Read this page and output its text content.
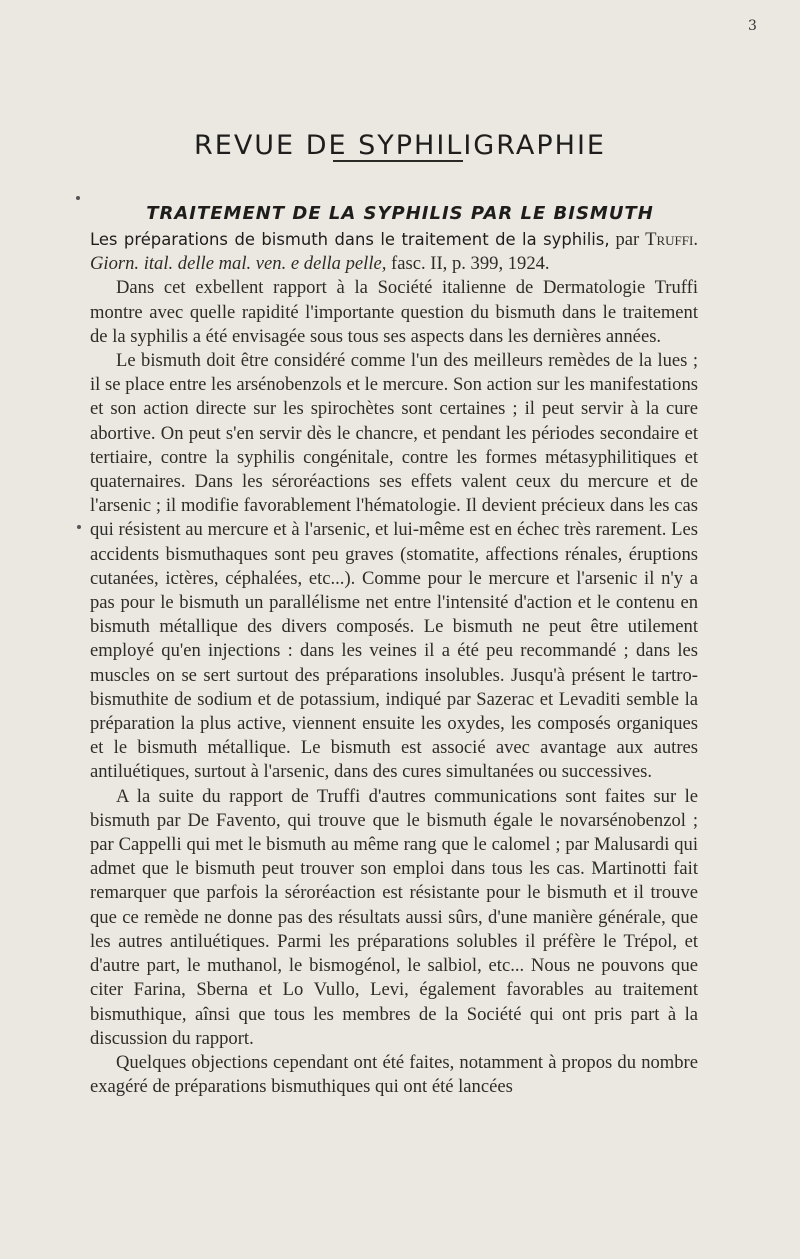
3
REVUE DE SYPHILIGRAPHIE
TRAITEMENT DE LA SYPHILIS PAR LE BISMUTH

Les préparations de bismuth dans le traitement de la syphilis, par Truffi. Giorn. ital. delle mal. ven. e della pelle, fasc. II, p. 399, 1924.

Dans cet exbellent rapport à la Société italienne de Dermatologie Truffi montre avec quelle rapidité l'importante question du bismuth dans le traitement de la syphilis a été envisagée sous tous ses aspects dans les dernières années.

Le bismuth doit être considéré comme l'un des meilleurs remèdes de la lues ; il se place entre les arsénobenzols et le mercure. Son action sur les manifestations et son action directe sur les spirochètes sont certaines ; il peut servir à la cure abortive. On peut s'en servir dès le chancre, et pendant les périodes secondaire et tertiaire, contre la syphilis congénitale, contre les formes métasyphilitiques et quaternaires. Dans les séroréactions ses effets valent ceux du mercure et de l'arsenic ; il modifie favorablement l'hématologie. Il devient précieux dans les cas qui résistent au mercure et à l'arsenic, et lui-même est en échec très rarement. Les accidents bismuthaques sont peu graves (stomatite, affections rénales, éruptions cutanées, ictères, céphalées, etc...). Comme pour le mercure et l'arsenic il n'y a pas pour le bismuth un parallélisme net entre l'intensité d'action et le contenu en bismuth métallique des divers composés. Le bismuth ne peut être utilement employé qu'en injections : dans les veines il a été peu recommandé ; dans les muscles on se sert surtout des préparations insolubles. Jusqu'à présent le tartro-bismuthite de sodium et de potassium, indiqué par Sazerac et Levaditi semble la préparation la plus active, viennent ensuite les oxydes, les composés organiques et le bismuth métallique. Le bismuth est associé avec avantage aux autres antiluétiques, surtout à l'arsenic, dans des cures simultanées ou successives.

A la suite du rapport de Truffi d'autres communications sont faites sur le bismuth par De Favento, qui trouve que le bismuth égale le novarsénobenzol ; par Cappelli qui met le bismuth au même rang que le calomel ; par Malusardi qui admet que le bismuth peut trouver son emploi dans tous les cas. Martinotti fait remarquer que parfois la séroréaction est résistante pour le bismuth et il trouve que ce remède ne donne pas des résultats aussi sûrs, d'une manière générale, que les autres antiluétiques. Parmi les préparations solubles il préfère le Trépol, et d'autre part, le muthanol, le bismogénol, le salbiol, etc... Nous ne pouvons que citer Farina, Sberna et Lo Vullo, Levi, également favorables au traitement bismuthique, aînsi que tous les membres de la Société qui ont pris part à la discussion du rapport.

Quelques objections cependant ont été faites, notamment à propos du nombre exagéré de préparations bismuthiques qui ont été lancées
